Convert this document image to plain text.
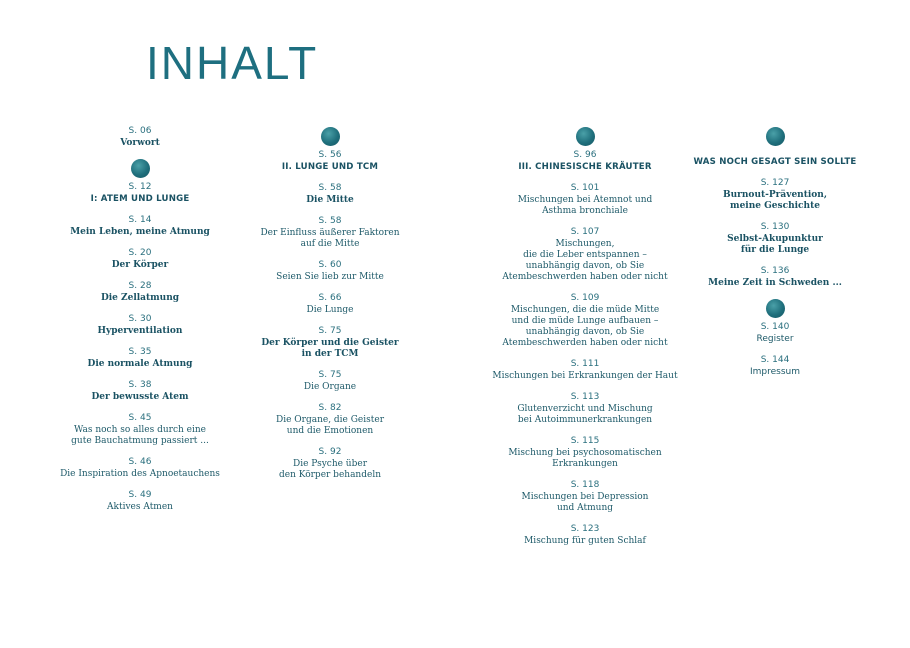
INHALT
S. 06
Vorwort
S. 12
I: ATEM UND LUNGE
S. 14
Mein Leben, meine Atmung
S. 20
Der Körper
S. 28
Die Zellatmung
S. 30
Hyperventilation
S. 35
Die normale Atmung
S. 38
Der bewusste Atem
S. 45
Was noch so alles durch eine
gute Bauchatmung passiert ...
S. 46
Die Inspiration des Apnoetauchens
S. 49
Aktives Atmen
S. 56
II. LUNGE UND TCM
S. 58
Die Mitte
S. 58
Der Einfluss äußerer Faktoren
auf die Mitte
S. 60
Seien Sie lieb zur Mitte
S. 66
Die Lunge
S. 75
Der Körper und die Geister
in der TCM
S. 75
Die Organe
S. 82
Die Organe, die Geister
und die Emotionen
S. 92
Die Psyche über
den Körper behandeln
S. 96
III. CHINESISCHE KRÄUTER
S. 101
Mischungen bei Atemnot und
Asthma bronchiale
S. 107
Mischungen,
die die Leber entspannen –
unabhängig davon, ob Sie
Atembeschwerden haben oder nicht
S. 109
Mischungen, die die müde Mitte
und die müde Lunge aufbauen –
unabhängig davon, ob Sie
Atembeschwerden haben oder nicht
S. 111
Mischungen bei Erkrankungen der Haut
S. 113
Glutenverzicht und Mischung
bei Autoimmunerkrankungen
S. 115
Mischung bei psychosomatischen
Erkrankungen
S. 118
Mischungen bei Depression
und Atmung
S. 123
Mischung für guten Schlaf
WAS NOCH GESAGT SEIN SOLLTE
S. 127
Burnout-Prävention,
meine Geschichte
S. 130
Selbst-Akupunktur
für die Lunge
S. 136
Meine Zeit in Schweden ...
S. 140
Register
S. 144
Impressum
